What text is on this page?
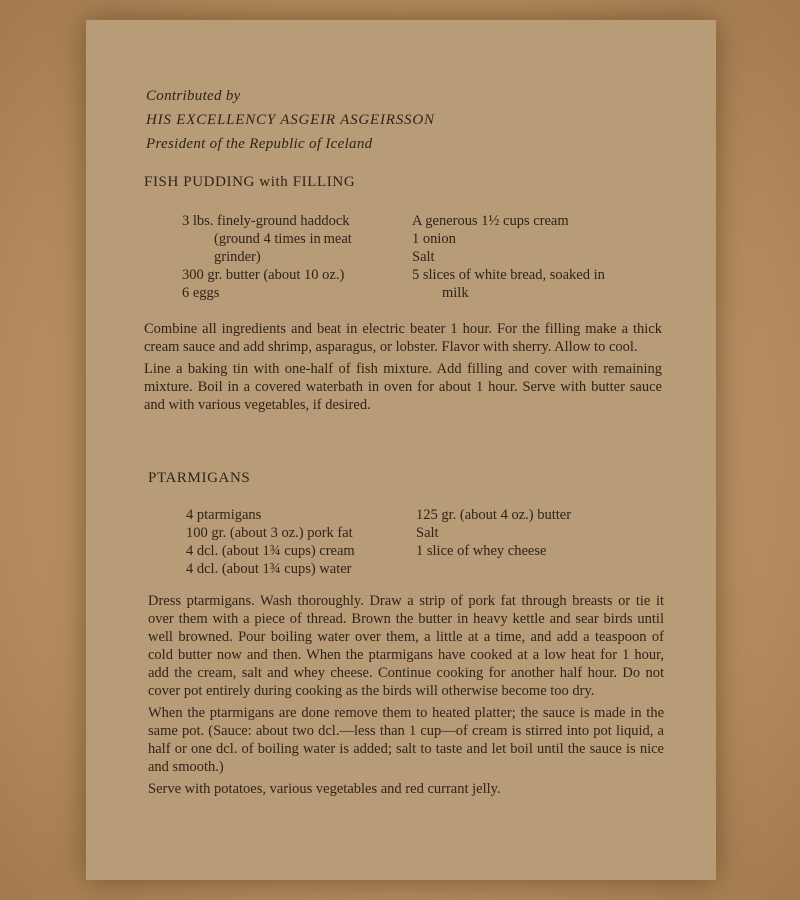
Contributed by
HIS EXCELLENCY ASGEIR ASGEIRSSON
President of the Republic of Iceland
FISH PUDDING with FILLING
3 lbs. finely-ground haddock
(ground 4 times in meat
grinder)
300 gr. butter (about 10 oz.)
6 eggs
A generous 1½ cups cream
1 onion
Salt
5 slices of white bread, soaked in
milk

Combine all ingredients and beat in electric beater 1 hour. For the filling make a thick cream sauce and add shrimp, asparagus, or lobster. Flavor with sherry. Allow to cool.

Line a baking tin with one-half of fish mixture. Add filling and cover with remaining mixture. Boil in a covered waterbath in oven for about 1 hour. Serve with butter sauce and with various vegetables, if desired.

PTARMIGANS
4 ptarmigans
100 gr. (about 3 oz.) pork fat
4 dcl. (about 1¾ cups) cream
4 dcl. (about 1¾ cups) water
125 gr. (about 4 oz.) butter
Salt
1 slice of whey cheese

Dress ptarmigans. Wash thoroughly. Draw a strip of pork fat through breasts or tie it over them with a piece of thread. Brown the butter in heavy kettle and sear birds until well browned. Pour boiling water over them, a little at a time, and add a teaspoon of cold butter now and then. When the ptarmigans have cooked at a low heat for 1 hour, add the cream, salt and whey cheese. Continue cooking for another half hour. Do not cover pot entirely during cooking as the birds will otherwise become too dry.

When the ptarmigans are done remove them to heated platter; the sauce is made in the same pot. (Sauce: about two dcl.—less than 1 cup—of cream is stirred into pot liquid, a half or one dcl. of boiling water is added; salt to taste and let boil until the sauce is nice and smooth.)

Serve with potatoes, various vegetables and red currant jelly.
